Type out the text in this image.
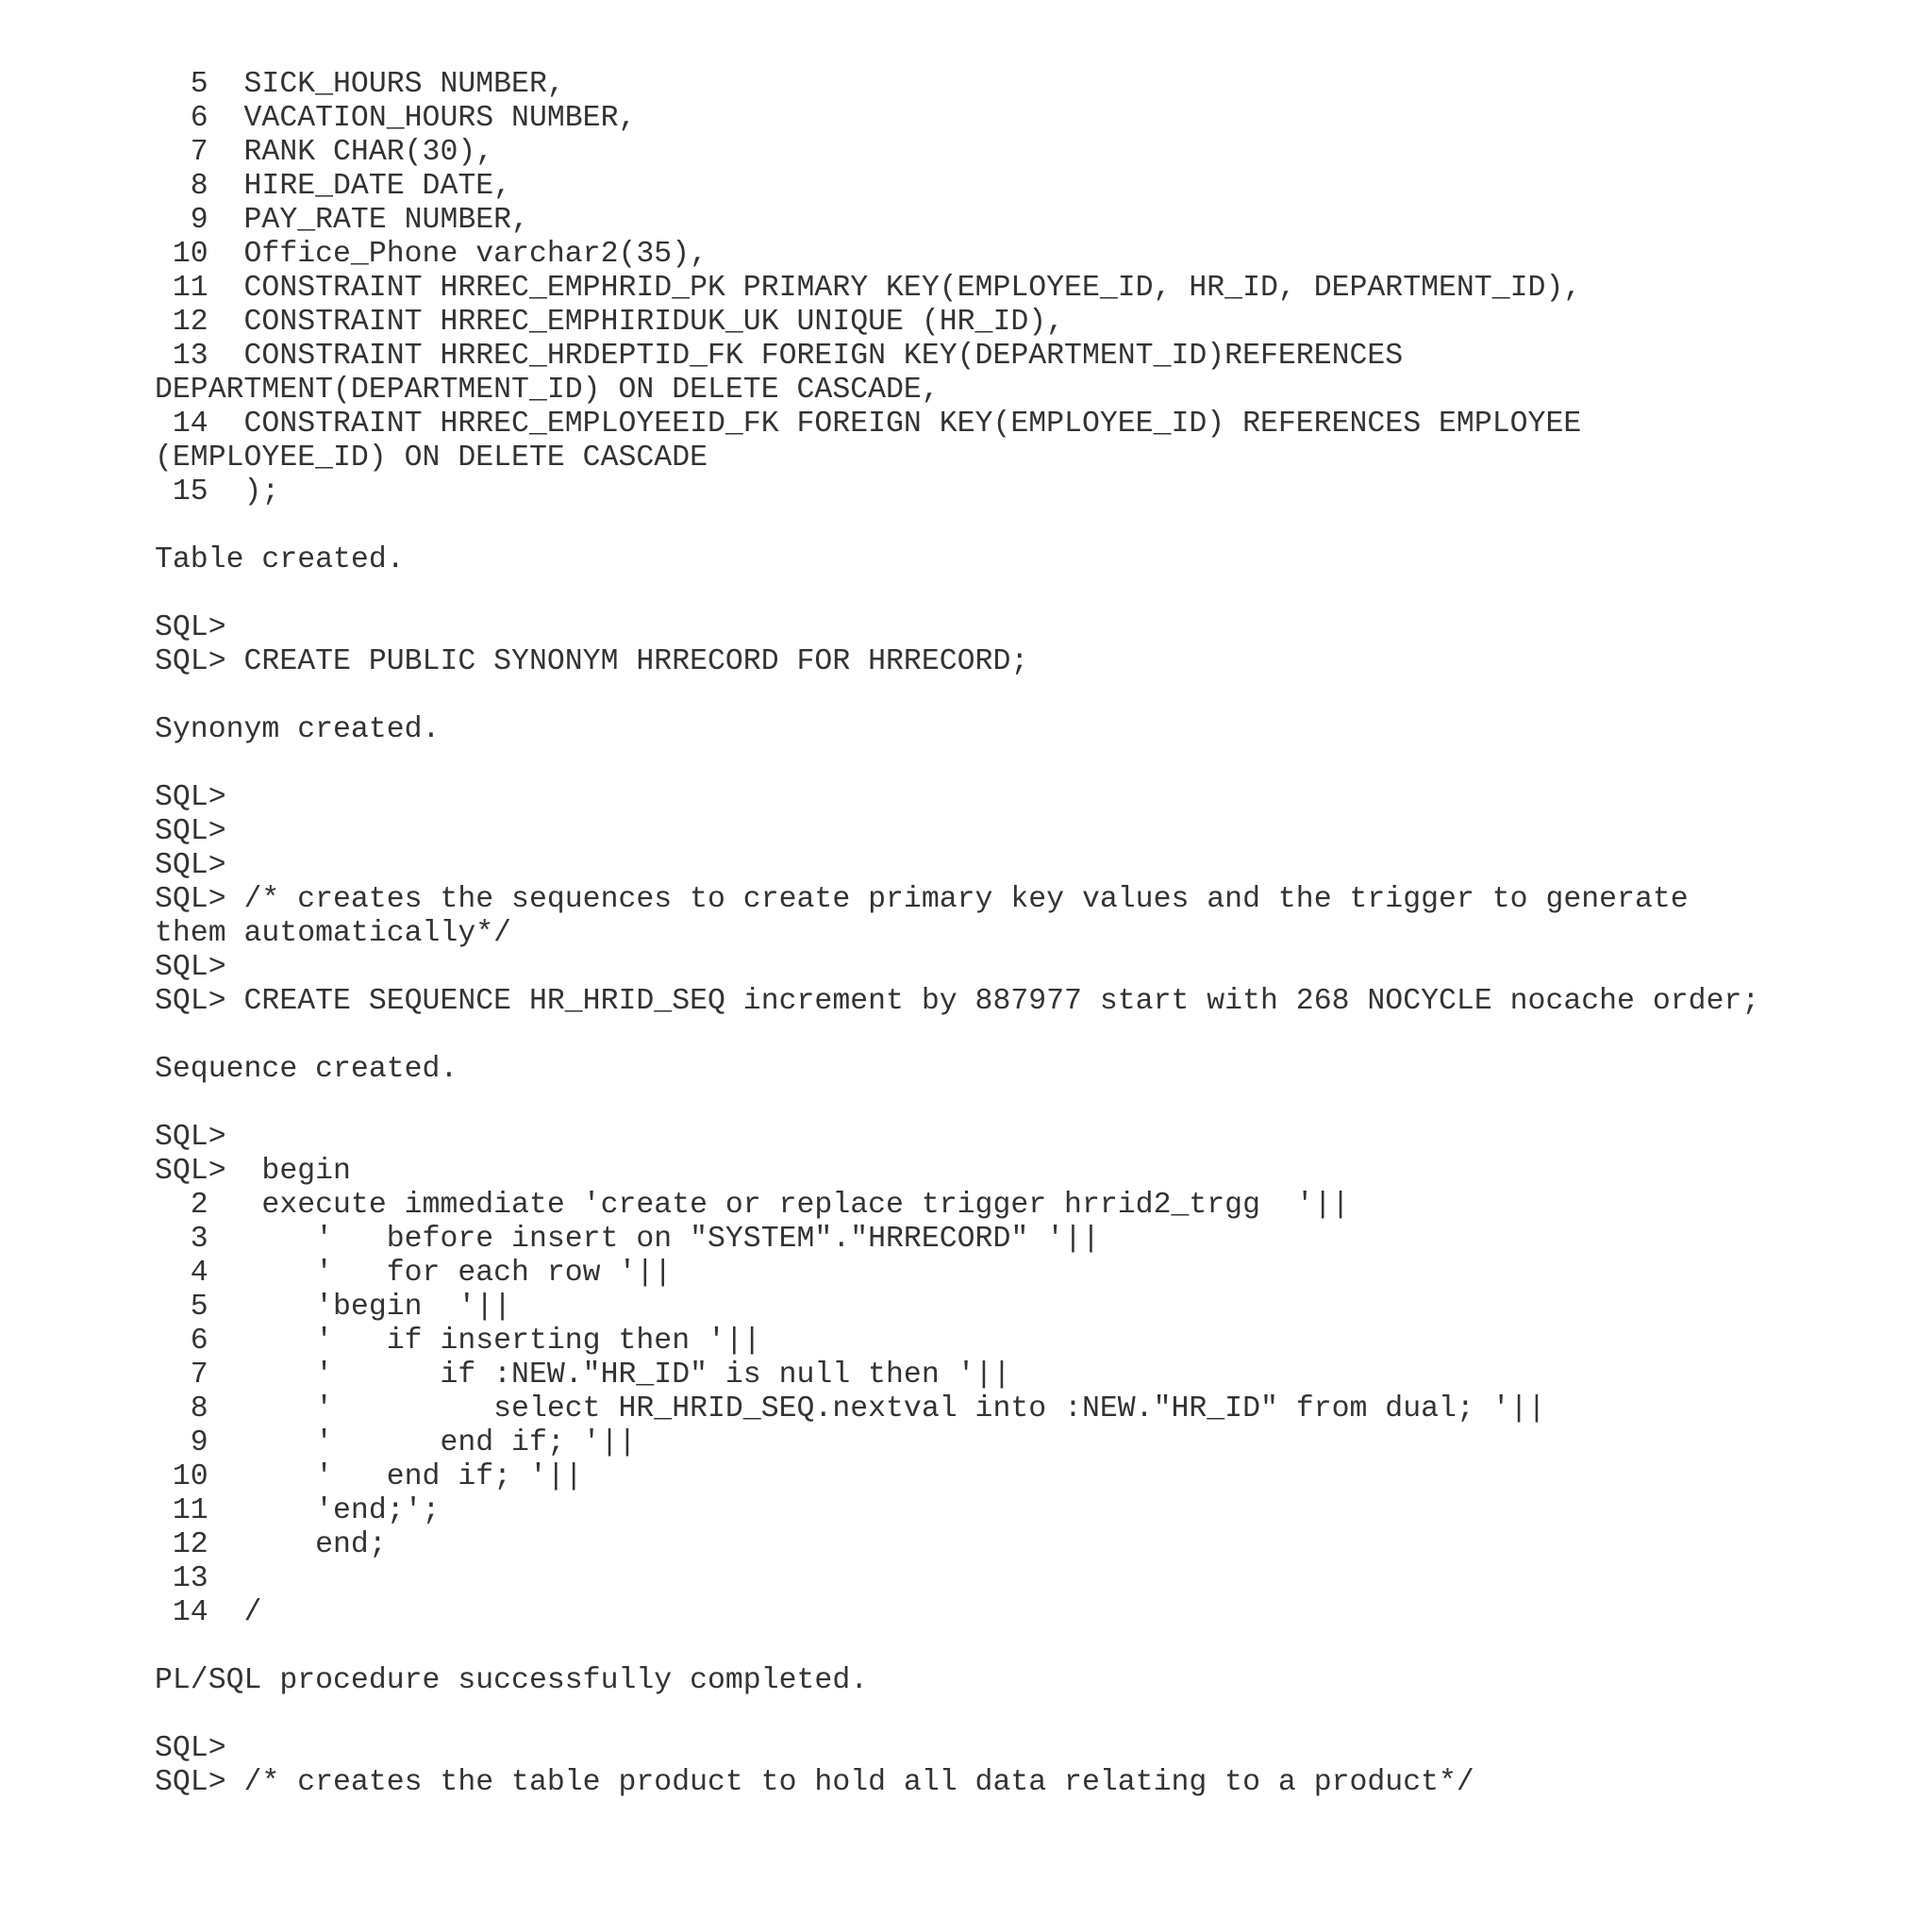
5  SICK_HOURS NUMBER,
6  VACATION_HOURS NUMBER,
7  RANK CHAR(30),
8  HIRE_DATE DATE,
9  PAY_RATE NUMBER,
10  Office_Phone varchar2(35),
11  CONSTRAINT HRREC_EMPHRID_PK PRIMARY KEY(EMPLOYEE_ID, HR_ID, DEPARTMENT_ID),
12  CONSTRAINT HRREC_EMPHIRIDUK_UK UNIQUE (HR_ID),
13  CONSTRAINT HRREC_HRDEPTID_FK FOREIGN KEY(DEPARTMENT_ID)REFERENCES
DEPARTMENT(DEPARTMENT_ID) ON DELETE CASCADE,
14  CONSTRAINT HRREC_EMPLOYEEID_FK FOREIGN KEY(EMPLOYEE_ID) REFERENCES EMPLOYEE
(EMPLOYEE_ID) ON DELETE CASCADE
15  );
Table created.
SQL>
SQL> CREATE PUBLIC SYNONYM HRRECORD FOR HRRECORD;
Synonym created.
SQL>
SQL>
SQL>
SQL> /* creates the sequences to create primary key values and the trigger to generate
them automatically*/
SQL>
SQL> CREATE SEQUENCE HR_HRID_SEQ increment by 887977 start with 268 NOCYCLE nocache order;
Sequence created.
SQL>
SQL>  begin
2   execute immediate 'create or replace trigger hrrid2_trgg  '||
3      '   before insert on "SYSTEM"."HRRECORD" '||
4      '   for each row '||
5      'begin  '||
6      '   if inserting then '||
7      '      if :NEW."HR_ID" is null then '||
8      '         select HR_HRID_SEQ.nextval into :NEW."HR_ID" from dual; '||
9      '      end if; '||
10      '   end if; '||
11      'end;';
12      end;
13
14  /
PL/SQL procedure successfully completed.
SQL>
SQL> /* creates the table product to hold all data relating to a product*/
